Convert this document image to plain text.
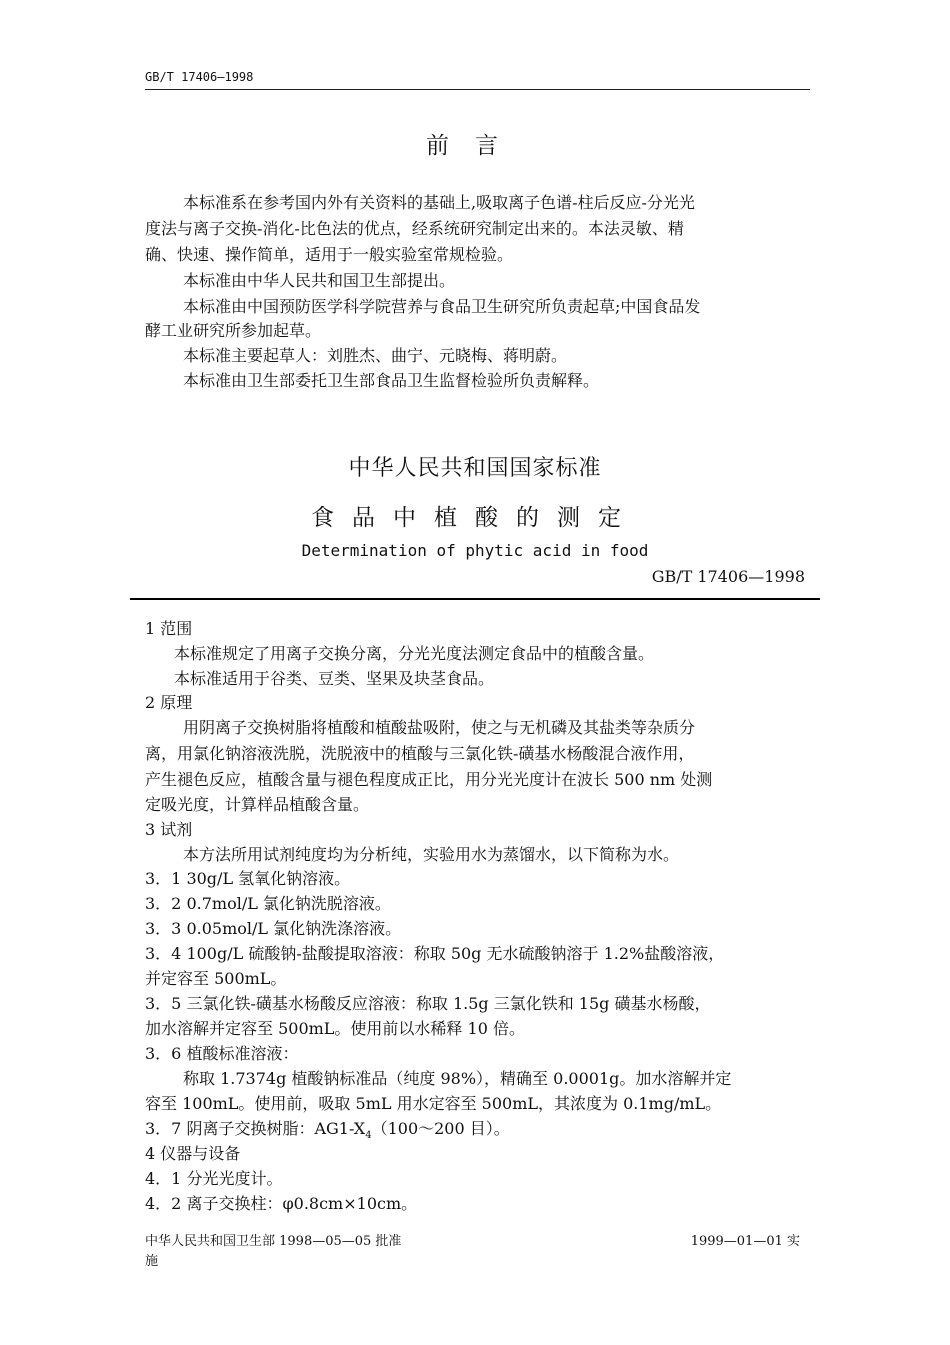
GB/T 17406—1998
前言
本标准系在参考国内外有关资料的基础上,吸取离子色谱-柱后反应-分光光
度法与离子交换-消化-比色法的优点，经系统研究制定出来的。本法灵敏、精
确、快速、操作简单，适用于一般实验室常规检验。
本标准由中华人民共和国卫生部提出。
本标准由中国预防医学科学院营养与食品卫生研究所负责起草;中国食品发
酵工业研究所参加起草。
本标准主要起草人：刘胜杰、曲宁、元晓梅、蒋明蔚。
本标准由卫生部委托卫生部食品卫生监督检验所负责解释。
中华人民共和国国家标准
食品中植酸的测定
Determination of phytic acid in food
GB/T 17406—1998
1 范围
本标准规定了用离子交换分离，分光光度法测定食品中的植酸含量。
本标准适用于谷类、豆类、坚果及块茎食品。
2 原理
用阴离子交换树脂将植酸和植酸盐吸附，使之与无机磷及其盐类等杂质分
离，用氯化钠溶液洗脱，洗脱液中的植酸与三氯化铁-磺基水杨酸混合液作用，
产生褪色反应，植酸含量与褪色程度成正比，用分光光度计在波长 500 nm 处测
定吸光度，计算样品植酸含量。
3 试剂
本方法所用试剂纯度均为分析纯，实验用水为蒸馏水，以下简称为水。
3．1 30g/L 氢氧化钠溶液。
3．2 0.7mol/L 氯化钠洗脱溶液。
3．3 0.05mol/L 氯化钠洗涤溶液。
3．4 100g/L 硫酸钠-盐酸提取溶液：称取 50g 无水硫酸钠溶于 1.2%盐酸溶液，
并定容至 500mL。
3．5 三氯化铁-磺基水杨酸反应溶液：称取 1.5g 三氯化铁和 15g 磺基水杨酸，
加水溶解并定容至 500mL。使用前以水稀释 10 倍。
3．6 植酸标准溶液：
称取 1.7374g 植酸钠标准品（纯度 98%），精确至 0.0001g。加水溶解并定
容至 100mL。使用前，吸取 5mL 用水定容至 500mL，其浓度为 0.1mg/mL。
3．7 阴离子交换树脂：$AG1-X_4(100\sim 200$ 目）。
4 仪器与设备
4．1 分光光度计。
4．2 离子交换柱：φ0.8cm×10cm。
中华人民共和国卫生部 1998—05—05 批准
施
1999—01—01 实
